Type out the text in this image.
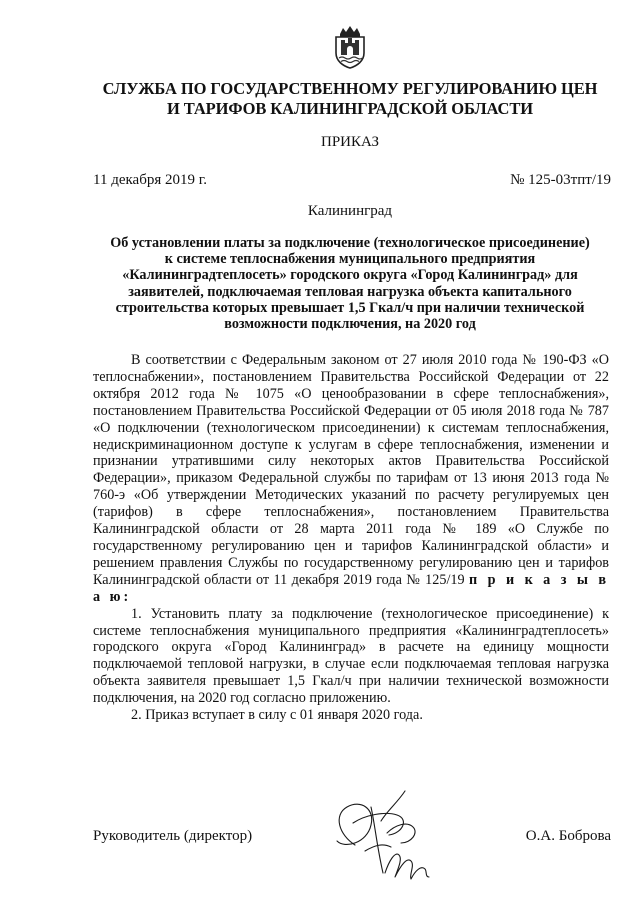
СЛУЖБА ПО ГОСУДАРСТВЕННОМУ РЕГУЛИРОВАНИЮ ЦЕН
И ТАРИФОВ КАЛИНИНГРАДСКОЙ ОБЛАСТИ
ПРИКАЗ
11 декабря 2019 г.	№ 125-03тпт/19
Калининград
Об установлении платы за подключение (технологическое присоединение)
к системе теплоснабжения муниципального предприятия
«Калининградтеплосеть» городского округа «Город Калининград» для
заявителей, подключаемая тепловая нагрузка объекта капитального
строительства которых превышает 1,5 Гкал/ч при наличии технической
возможности подключения, на 2020 год

В соответствии с Федеральным законом от 27 июля 2010 года № 190-ФЗ «О теплоснабжении», постановлением Правительства Российской Федерации от 22 октября 2012 года № 1075 «О ценообразовании в сфере теплоснабжения», постановлением Правительства Российской Федерации от 05 июля 2018 года № 787 «О подключении (технологическом присоединении) к системам теплоснабжения, недискриминационном доступе к услугам в сфере теплоснабжения, изменении и признании утратившими силу некоторых актов Правительства Российской Федерации», приказом Федеральной службы по тарифам от 13 июня 2013 года № 760-э «Об утверждении Методических указаний по расчету регулируемых цен (тарифов) в сфере теплоснабжения», постановлением Правительства Калининградской области от 28 марта 2011 года № 189 «О Службе по государственному регулированию цен и тарифов Калининградской области» и решением правления Службы по государственному регулированию цен и тарифов Калининградской области от 11 декабря 2019 года № 125/19 п р и к а з ы в а ю:

1. Установить плату за подключение (технологическое присоединение) к системе теплоснабжения муниципального предприятия «Калининградтеплосеть» городского округа «Город Калининград» в расчете на единицу мощности подключаемой тепловой нагрузки, в случае если подключаемая тепловая нагрузка объекта заявителя превышает 1,5 Гкал/ч при наличии технической возможности подключения, на 2020 год согласно приложению.

2. Приказ вступает в силу с 01 января 2020 года.

Руководитель (директор)	О.А. Боброва
